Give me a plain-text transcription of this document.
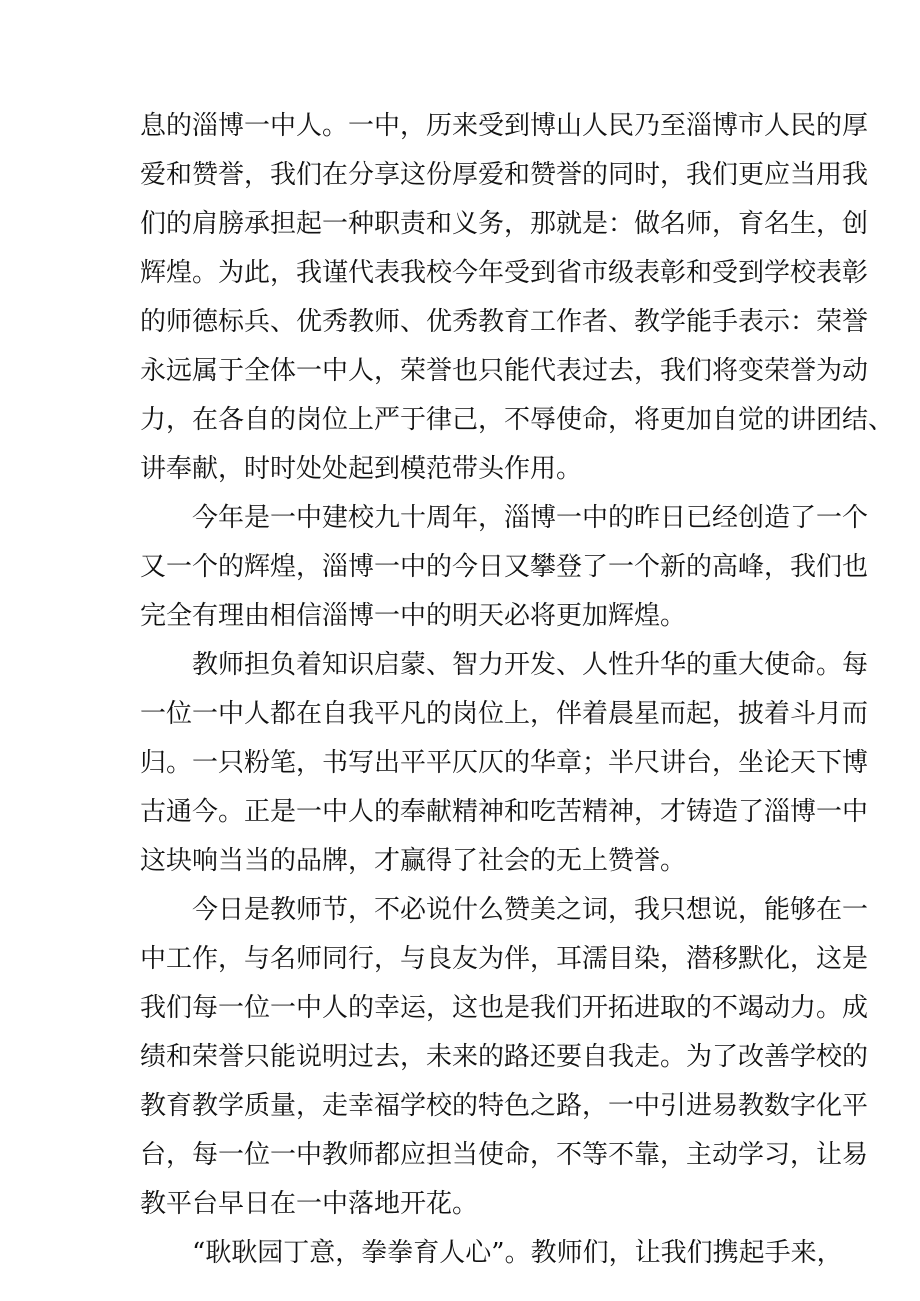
息的淄博一中人。一中，历来受到博山人民乃至淄博市人民的厚
爱和赞誉，我们在分享这份厚爱和赞誉的同时，我们更应当用我
们的肩膀承担起一种职责和义务，那就是：做名师，育名生，创
辉煌。为此，我谨代表我校今年受到省市级表彰和受到学校表彰
的师德标兵、优秀教师、优秀教育工作者、教学能手表示：荣誉
永远属于全体一中人，荣誉也只能代表过去，我们将变荣誉为动
力，在各自的岗位上严于律己，不辱使命，将更加自觉的讲团结、
讲奉献，时时处处起到模范带头作用。
今年是一中建校九十周年，淄博一中的昨日已经创造了一个
又一个的辉煌，淄博一中的今日又攀登了一个新的高峰，我们也
完全有理由相信淄博一中的明天必将更加辉煌。
教师担负着知识启蒙、智力开发、人性升华的重大使命。每
一位一中人都在自我平凡的岗位上，伴着晨星而起，披着斗月而
归。一只粉笔，书写出平平仄仄的华章；半尺讲台，坐论天下博
古通今。正是一中人的奉献精神和吃苦精神，才铸造了淄博一中
这块响当当的品牌，才赢得了社会的无上赞誉。
今日是教师节，不必说什么赞美之词，我只想说，能够在一
中工作，与名师同行，与良友为伴，耳濡目染，潜移默化，这是
我们每一位一中人的幸运，这也是我们开拓进取的不竭动力。成
绩和荣誉只能说明过去，未来的路还要自我走。为了改善学校的
教育教学质量，走幸福学校的特色之路，一中引进易教数字化平
台，每一位一中教师都应担当使命，不等不靠，主动学习，让易
教平台早日在一中落地开花。
“耿耿园丁意，拳拳育人心”。教师们，让我们携起手来，
